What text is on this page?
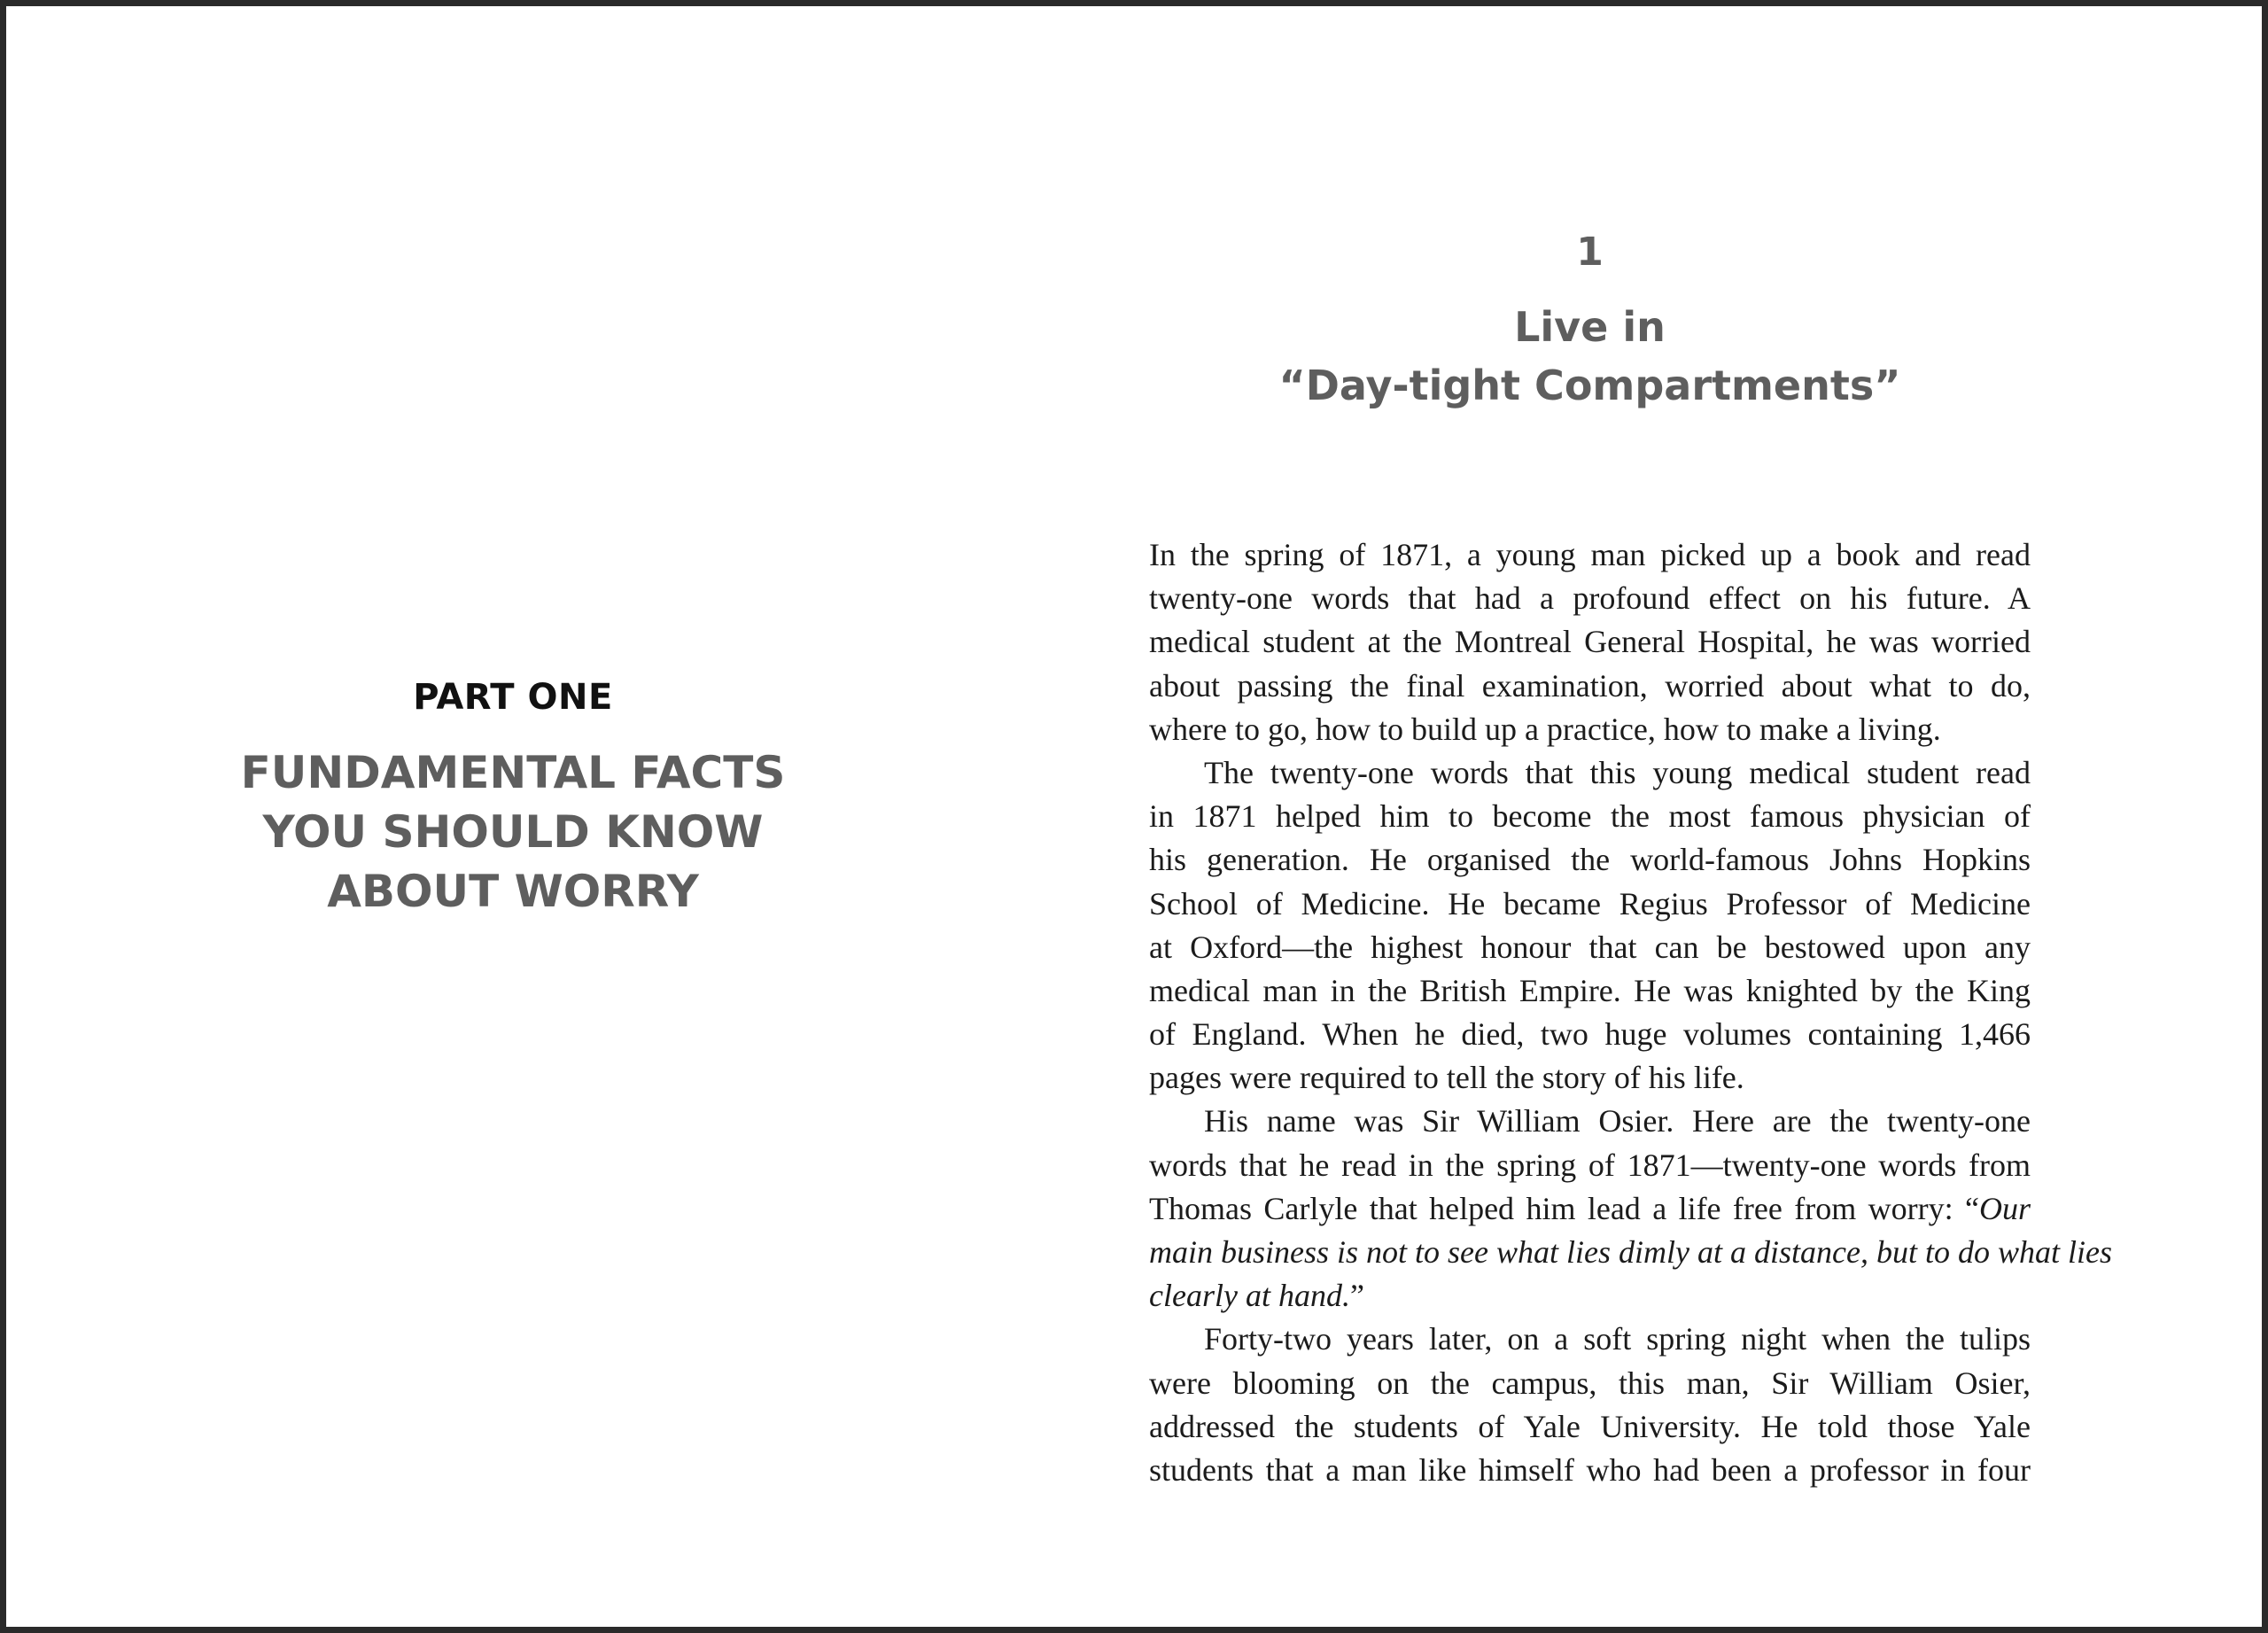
PART ONE
FUNDAMENTAL FACTS
YOU SHOULD KNOW
ABOUT WORRY
1
Live in
“Day-tight Compartments”
In the spring of 1871, a young man picked up a book and read
twenty-one words that had a profound effect on his future. A
medical student at the Montreal General Hospital, he was worried
about passing the final examination, worried about what to do,
where to go, how to build up a practice, how to make a living.
The twenty-one words that this young medical student read
in 1871 helped him to become the most famous physician of
his generation. He organised the world-famous Johns Hopkins
School of Medicine. He became Regius Professor of Medicine
at Oxford—the highest honour that can be bestowed upon any
medical man in the British Empire. He was knighted by the King
of England. When he died, two huge volumes containing 1,466
pages were required to tell the story of his life.
His name was Sir William Osier. Here are the twenty-one
words that he read in the spring of 1871—twenty-one words from
Thomas Carlyle that helped him lead a life free from worry: “Our
main business is not to see what lies dimly at a distance, but to do what lies
clearly at hand.”
Forty-two years later, on a soft spring night when the tulips
were blooming on the campus, this man, Sir William Osier,
addressed the students of Yale University. He told those Yale
students that a man like himself who had been a professor in four
